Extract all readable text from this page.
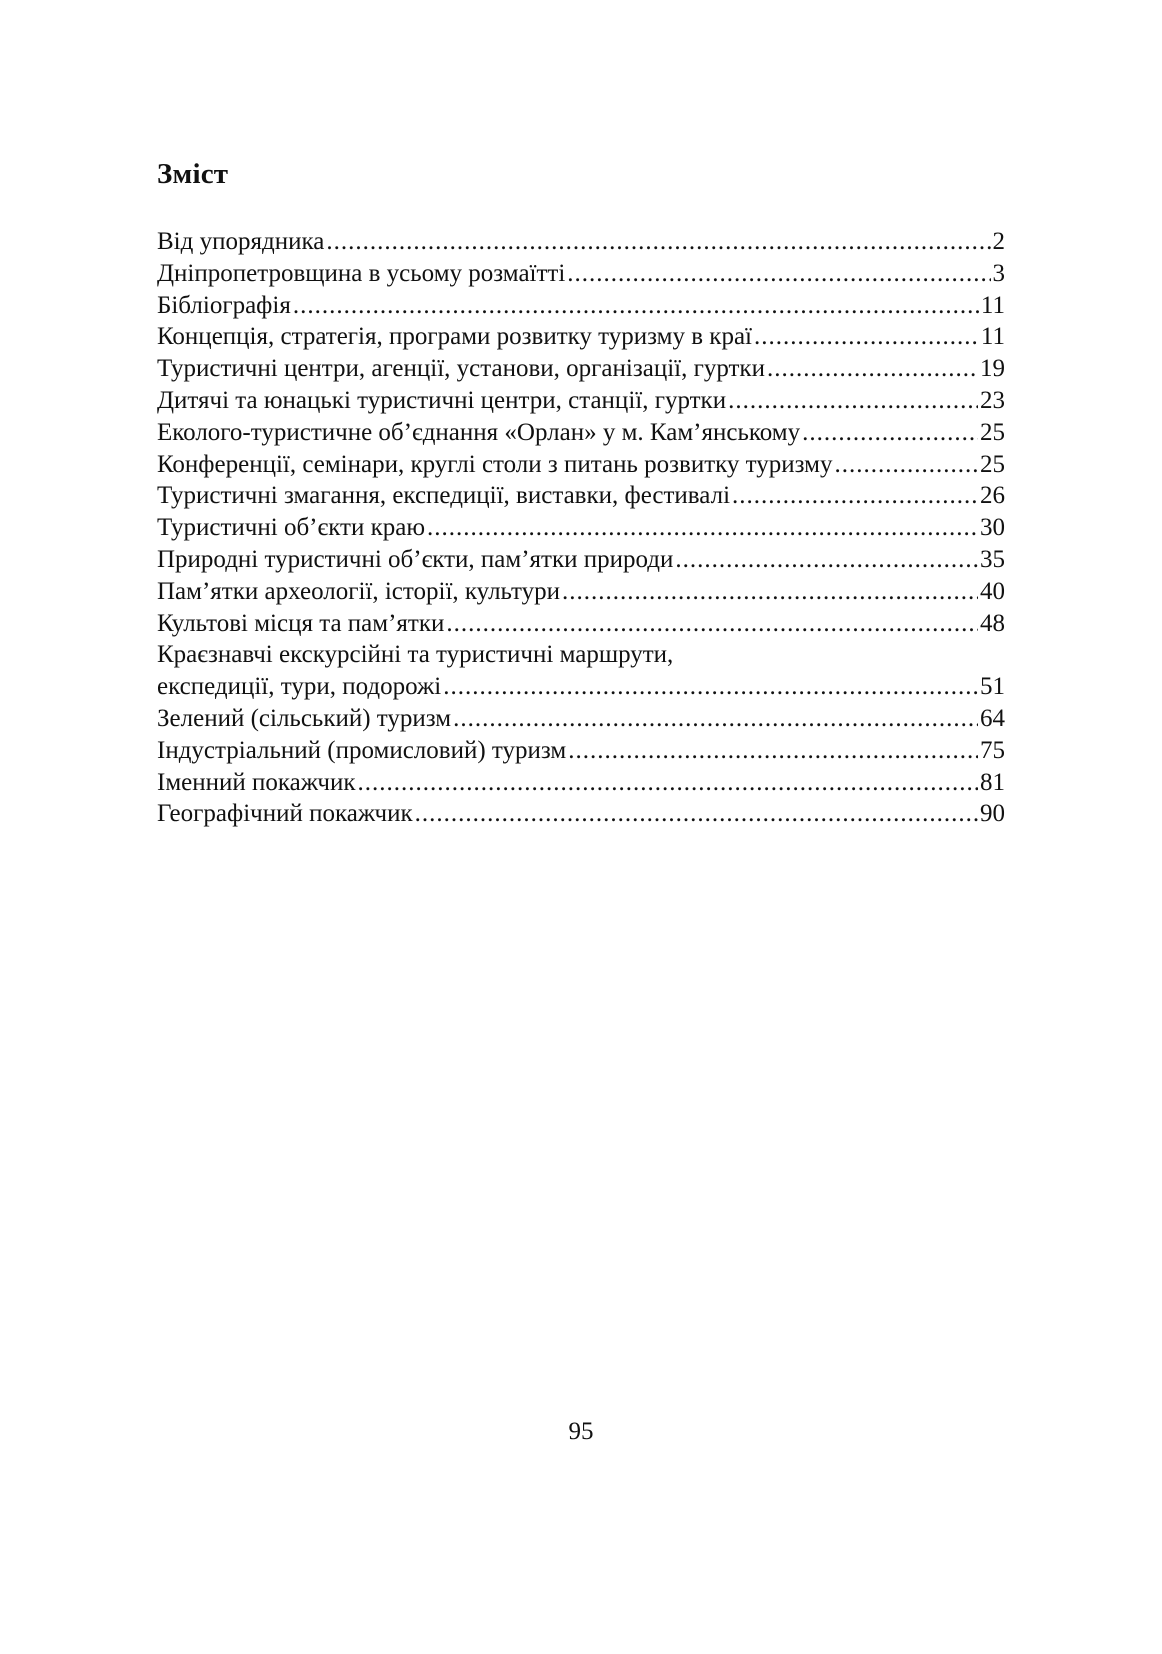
Зміст
Від упорядника .....	2
Дніпропетровщина в усьому розмаїтті .....	3
Бібліографія .....	11
Концепція, стратегія, програми розвитку туризму в краї .....	11
Туристичні центри, агенції, установи, організації, гуртки .....	19
Дитячі та юнацькі туристичні центри, станції, гуртки .....	23
Еколого-туристичне об’єднання «Орлан» у м. Кам’янському .....	25
Конференції, семінари, круглі столи з питань розвитку туризму .....	25
Туристичні змагання, експедиції, виставки, фестивалі .....	26
Туристичні об’єкти краю .....	30
Природні туристичні об’єкти, пам’ятки природи .....	35
Пам’ятки археології, історії, культури .....	40
Культові місця та пам’ятки .....	48
Краєзнавчі екскурсійні та туристичні маршрути,
експедиції, тури, подорожі .....	51
Зелений (сільський) туризм .....	64
Індустріальний (промисловий) туризм .....	75
Іменний покажчик .....	81
Географічний покажчик .....	90
95
